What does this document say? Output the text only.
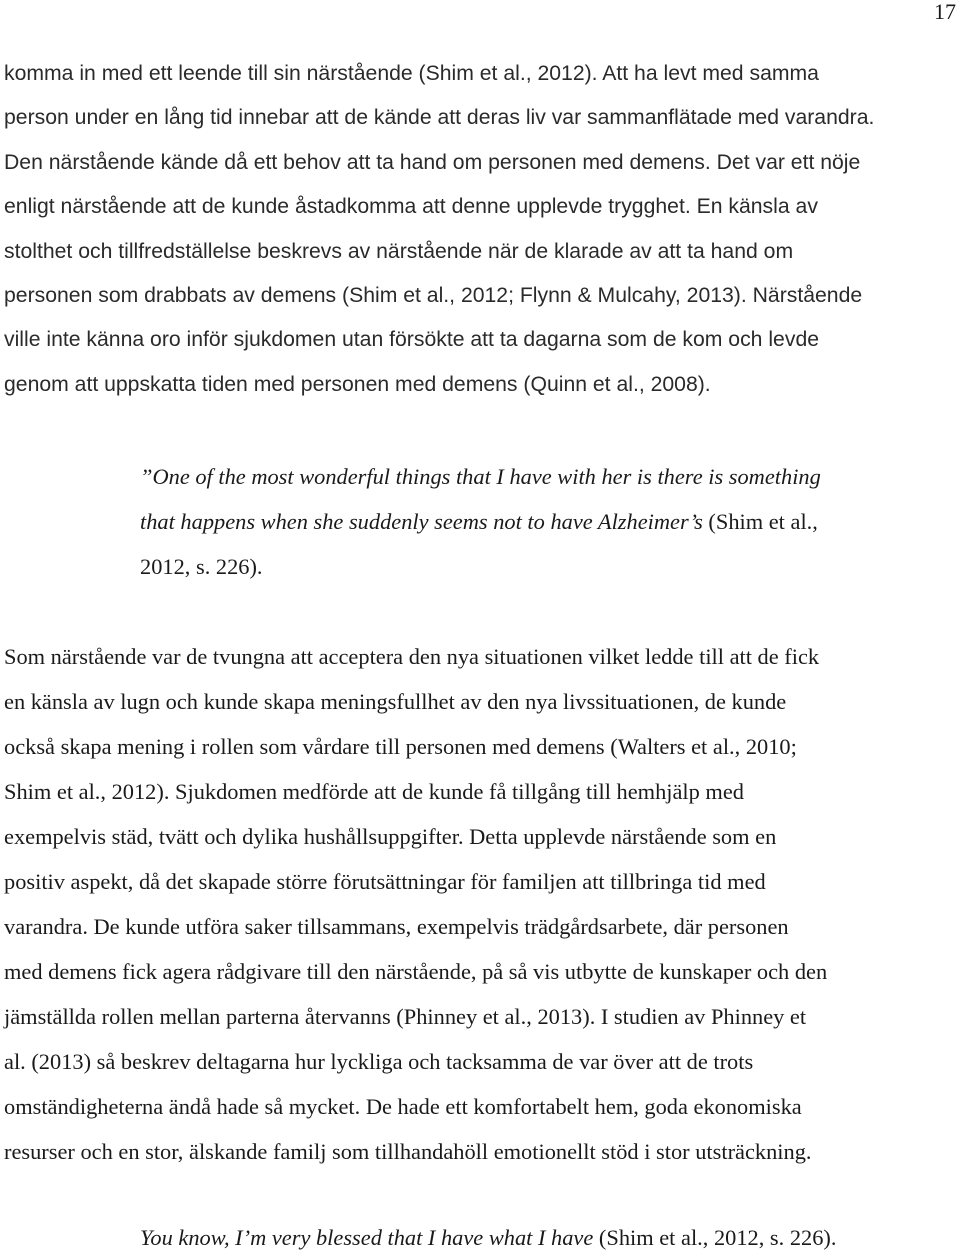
17

komma in med ett leende till sin närstående (Shim et al., 2012). Att ha levt med samma
person under en lång tid innebar att de kände att deras liv var sammanflätade med varandra.
Den närstående kände då ett behov att ta hand om personen med demens. Det var ett nöje
enligt närstående att de kunde åstadkomma att denne upplevde trygghet. En känsla av
stolthet och tillfredställelse beskrevs av närstående när de klarade av att ta hand om
personen som drabbats av demens (Shim et al., 2012; Flynn & Mulcahy, 2013). Närstående
ville inte känna oro inför sjukdomen utan försökte att ta dagarna som de kom och levde
genom att uppskatta tiden med personen med demens (Quinn et al., 2008).

”One of the most wonderful things that I have with her is there is something
that happens when she suddenly seems not to have Alzheimer’s (Shim et al.,
2012, s. 226).

Som närstående var de tvungna att acceptera den nya situationen vilket ledde till att de fick
en känsla av lugn och kunde skapa meningsfullhet av den nya livssituationen, de kunde
också skapa mening i rollen som vårdare till personen med demens (Walters et al., 2010;
Shim et al., 2012). Sjukdomen medförde att de kunde få tillgång till hemhjälp med
exempelvis städ, tvätt och dylika hushållsuppgifter. Detta upplevde närstående som en
positiv aspekt, då det skapade större förutsättningar för familjen att tillbringa tid med
varandra. De kunde utföra saker tillsammans, exempelvis trädgårdsarbete, där personen
med demens fick agera rådgivare till den närstående, på så vis utbytte de kunskaper och den
jämställda rollen mellan parterna återvanns (Phinney et al., 2013). I studien av Phinney et
al. (2013) så beskrev deltagarna hur lyckliga och tacksamma de var över att de trots
omständigheterna ändå hade så mycket. De hade ett komfortabelt hem, goda ekonomiska
resurser och en stor, älskande familj som tillhandahöll emotionellt stöd i stor utsträckning.

You know, I’m very blessed that I have what I have (Shim et al., 2012, s. 226).
